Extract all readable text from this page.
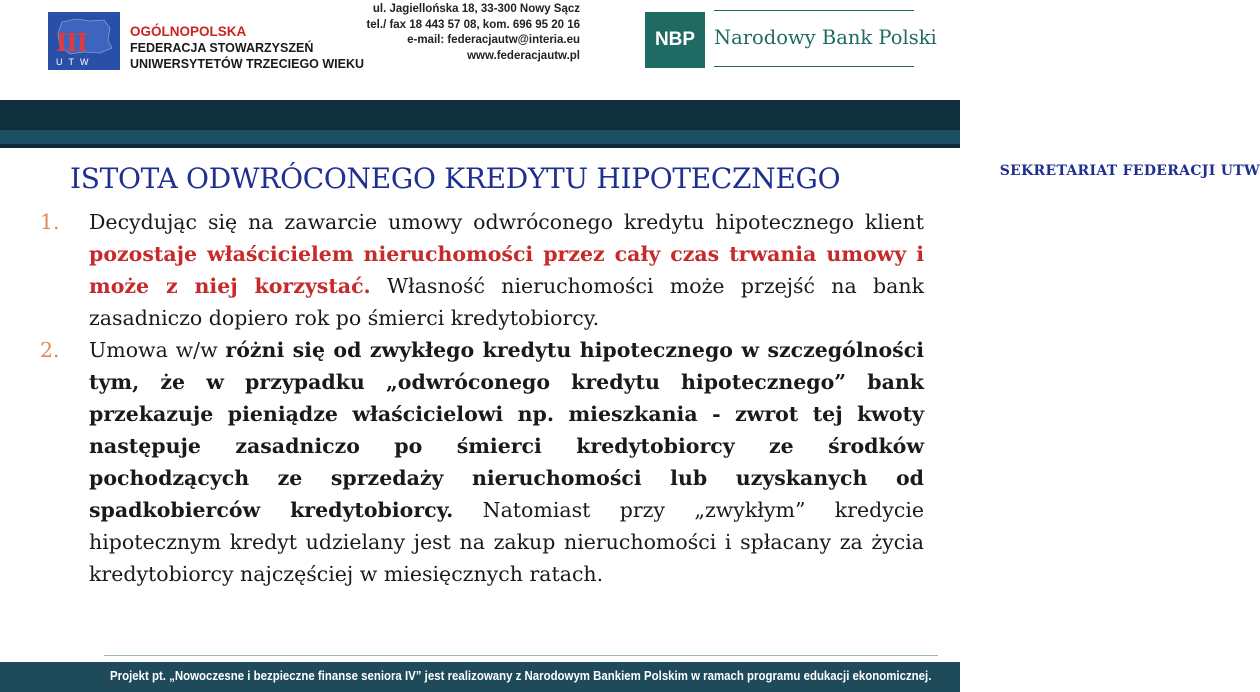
III
UTW
OGÓLNOPOLSKA
FEDERACJA STOWARZYSZEŃ
UNIWERSYTETÓW TRZECIEGO WIEKU
SEKRETARIAT FEDERACJI UTW
ul. Jagiellońska 18, 33-300 Nowy Sącz
tel./ fax 18 443 57 08, kom. 696 95 20 16
e-mail: federacjautw@interia.eu
www.federacjautw.pl
NBP Narodowy Bank Polski
ISTOTA ODWRÓCONEGO KREDYTU HIPOTECZNEGO
1. Decydując się na zawarcie umowy odwróconego kredytu hipotecznego klient pozostaje właścicielem nieruchomości przez cały czas trwania umowy i może z niej korzystać. Własność nieruchomości może przejść na bank zasadniczo dopiero rok po śmierci kredytobiorcy.
2. Umowa w/w różni się od zwykłego kredytu hipotecznego w szczególności tym, że w przypadku „odwróconego kredytu hipotecznego” bank przekazuje pieniądze właścicielowi np. mieszkania - zwrot tej kwoty następuje zasadniczo po śmierci kredytobiorcy ze środków pochodzących ze sprzedaży nieruchomości lub uzyskanych od spadkobierców kredytobiorcy. Natomiast przy „zwykłym” kredycie hipotecznym kredyt udzielany jest na zakup nieruchomości i spłacany za życia kredytobiorcy najczęściej w miesięcznych ratach.
Projekt pt. „Nowoczesne i bezpieczne finanse seniora IV” jest realizowany z Narodowym Bankiem Polskim w ramach programu edukacji ekonomicznej.
